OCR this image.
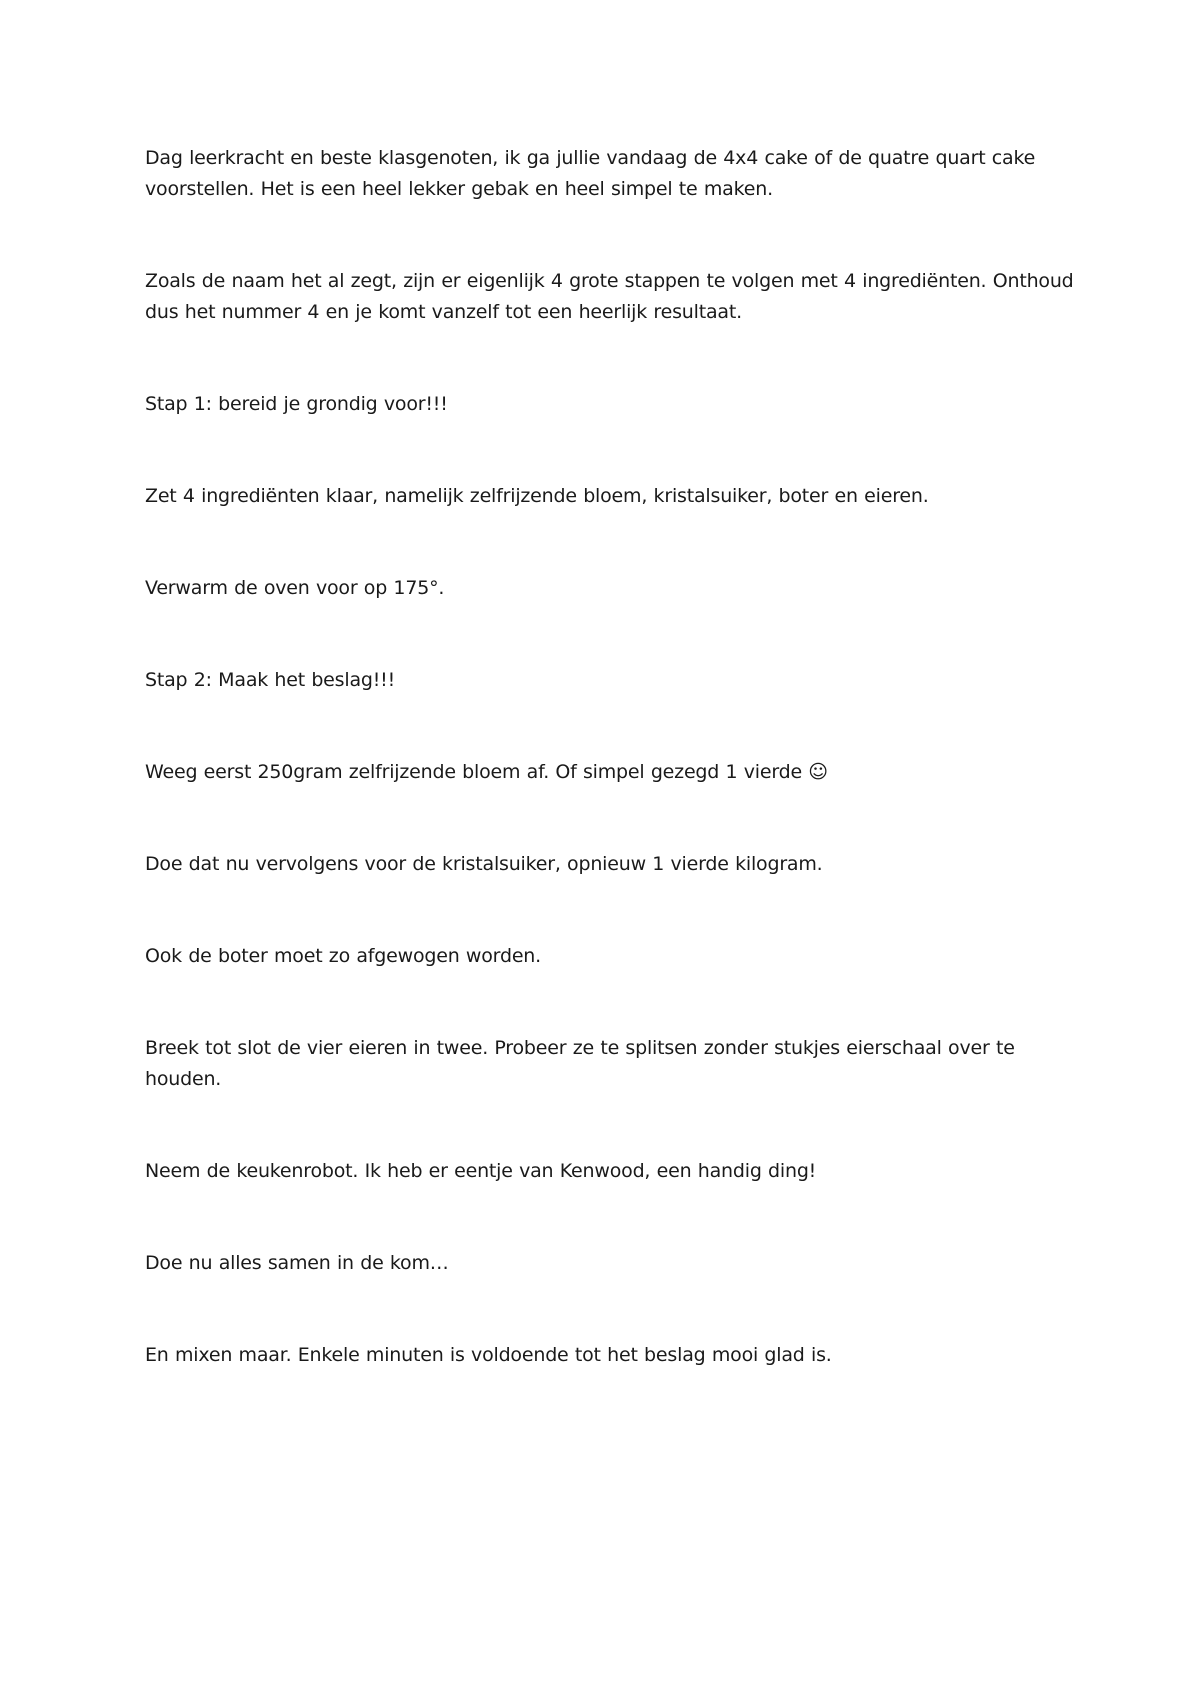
Dag leerkracht en beste klasgenoten, ik ga jullie vandaag de 4x4 cake of de quatre quart cake voorstellen. Het is een heel lekker gebak en heel simpel te maken.

Zoals de naam het al zegt, zijn er eigenlijk 4 grote stappen te volgen met 4 ingrediënten. Onthoud dus het nummer 4 en je komt vanzelf tot een heerlijk resultaat.

Stap 1: bereid je grondig voor!!!

Zet 4 ingrediënten klaar, namelijk zelfrijzende bloem, kristalsuiker, boter en eieren.

Verwarm de oven voor op 175°.

Stap 2: Maak het beslag!!!

Weeg eerst 250gram zelfrijzende bloem af. Of simpel gezegd 1 vierde ☺

Doe dat nu vervolgens voor de kristalsuiker, opnieuw 1 vierde kilogram.

Ook de boter moet zo afgewogen worden.

Breek tot slot de vier eieren in twee. Probeer ze te splitsen zonder stukjes eierschaal over te houden.

Neem de keukenrobot. Ik heb er eentje van Kenwood, een handig ding!

Doe nu alles samen in de kom…

En mixen maar. Enkele minuten is voldoende tot het beslag mooi glad is.
